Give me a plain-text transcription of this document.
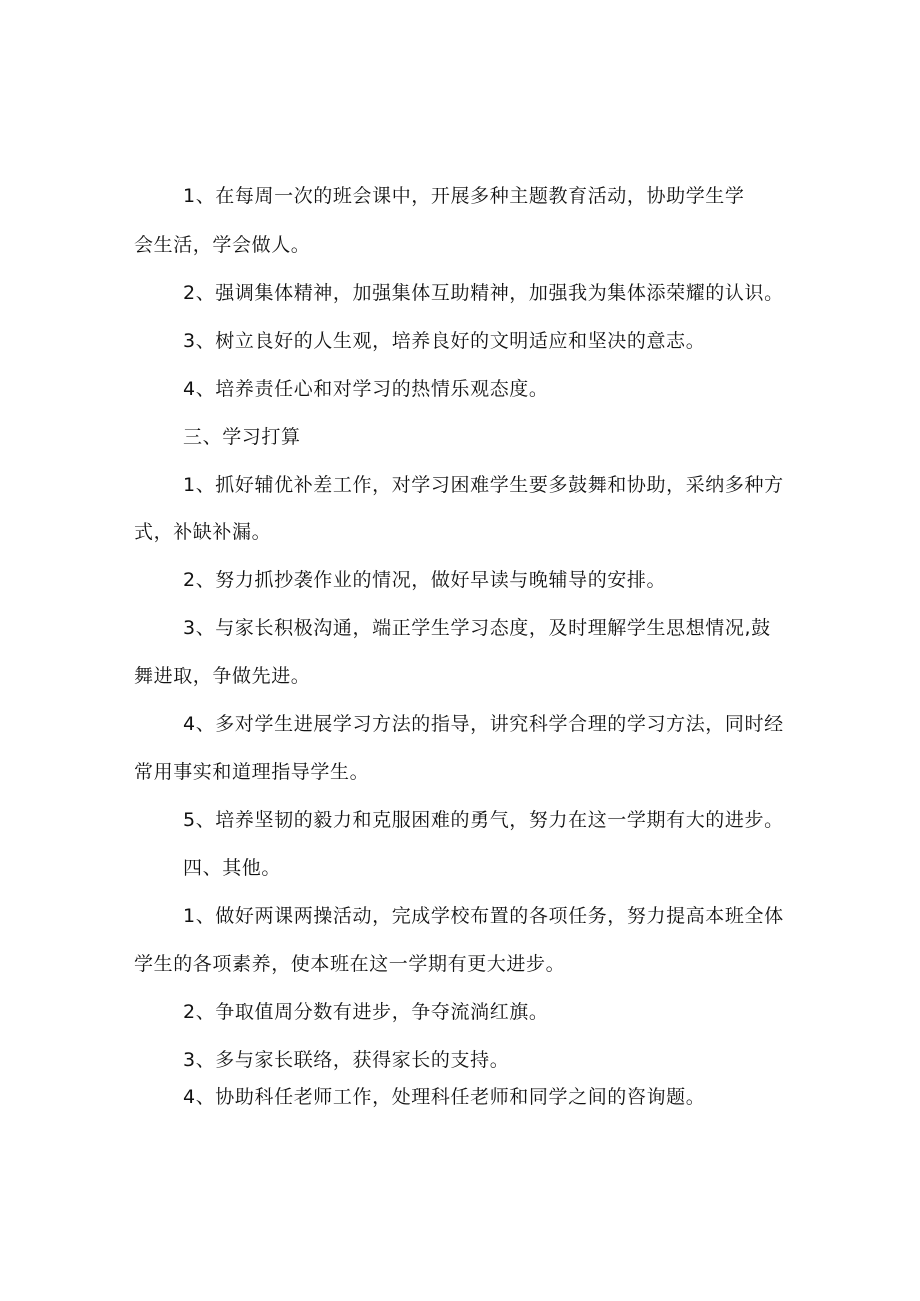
1、在每周一次的班会课中，开展多种主题教育活动，协助学生学
会生活，学会做人。
2、强调集体精神，加强集体互助精神，加强我为集体添荣耀的认识。
3、树立良好的人生观，培养良好的文明适应和坚决的意志。
4、培养责任心和对学习的热情乐观态度。
三、学习打算
1、抓好辅优补差工作，对学习困难学生要多鼓舞和协助，采纳多种方
式，补缺补漏。
2、努力抓抄袭作业的情况，做好早读与晚辅导的安排。
3、与家长积极沟通，端正学生学习态度，及时理解学生思想情况,鼓
舞进取，争做先进。
4、多对学生进展学习方法的指导，讲究科学合理的学习方法，同时经
常用事实和道理指导学生。
5、培养坚韧的毅力和克服困难的勇气，努力在这一学期有大的进步。
四、其他。
1、做好两课两操活动，完成学校布置的各项任务，努力提高本班全体
学生的各项素养，使本班在这一学期有更大进步。
2、争取值周分数有进步，争夺流淌红旗。
3、多与家长联络，获得家长的支持。
4、协助科任老师工作，处理科任老师和同学之间的咨询题。
